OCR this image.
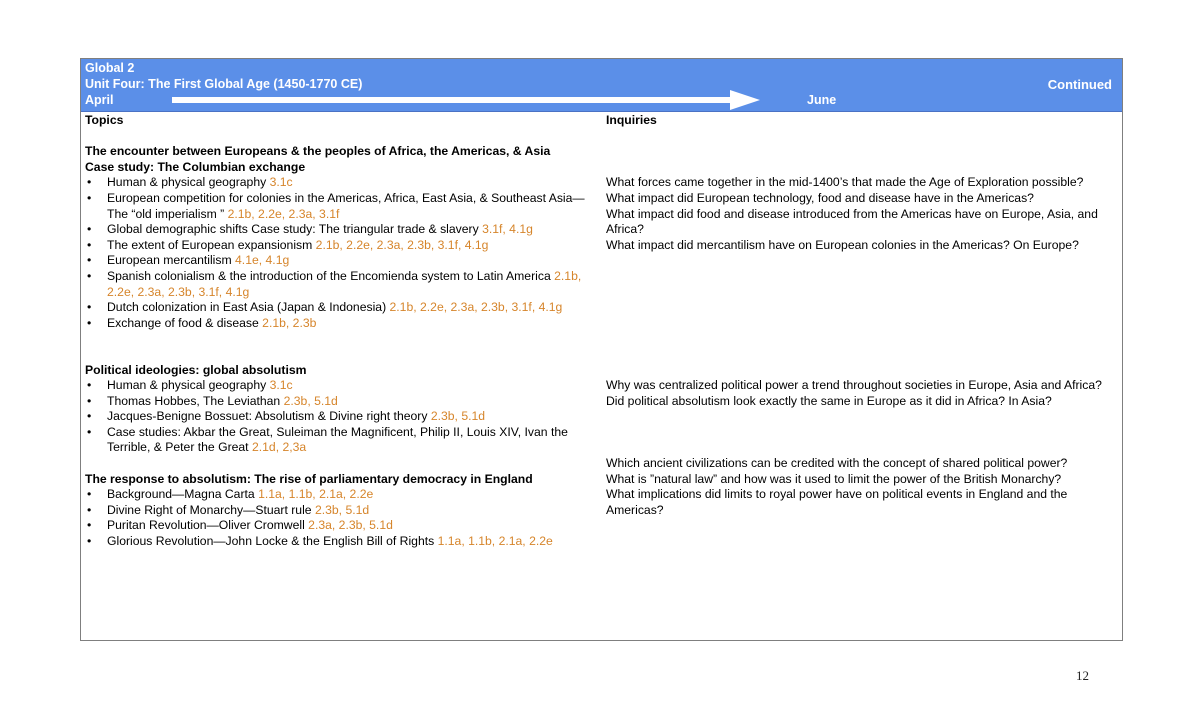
Global 2
Unit Four: The First Global Age (1450-1770 CE)
April	June
Continued
Topics
The encounter between Europeans & the peoples of Africa, the Americas, & Asia
Case study: The Columbian exchange
• Human & physical geography 3.1c
• European competition for colonies in the Americas, Africa, East Asia, & Southeast Asia—The “old imperialism ” 2.1b, 2.2e, 2.3a, 3.1f
• Global demographic shifts Case study: The triangular trade & slavery 3.1f, 4.1g
• The extent of European expansionism 2.1b, 2.2e, 2.3a, 2.3b, 3.1f, 4.1g
• European mercantilism 4.1e, 4.1g
• Spanish colonialism & the introduction of the Encomienda system to Latin America 2.1b, 2.2e, 2.3a, 2.3b, 3.1f, 4.1g
• Dutch colonization in East Asia (Japan & Indonesia) 2.1b, 2.2e, 2.3a, 2.3b, 3.1f, 4.1g
• Exchange of food & disease 2.1b, 2.3b
Political ideologies: global absolutism
• Human & physical geography 3.1c
• Thomas Hobbes, The Leviathan 2.3b, 5.1d
• Jacques-Benigne Bossuet: Absolutism & Divine right theory 2.3b, 5.1d
• Case studies: Akbar the Great, Suleiman the Magnificent, Philip II, Louis XIV, Ivan the Terrible, & Peter the Great 2.1d, 2,3a
The response to absolutism: The rise of parliamentary democracy in England
• Background—Magna Carta 1.1a, 1.1b, 2.1a, 2.2e
• Divine Right of Monarchy—Stuart rule 2.3b, 5.1d
• Puritan Revolution—Oliver Cromwell 2.3a, 2.3b, 5.1d
• Glorious Revolution—John Locke & the English Bill of Rights 1.1a, 1.1b, 2.1a, 2.2e
Inquiries
What forces came together in the mid-1400’s that made the Age of Exploration possible?
What impact did European technology, food and disease have in the Americas?
What impact did food and disease introduced from the Americas have on Europe, Asia, and Africa?
What impact did mercantilism have on European colonies in the Americas? On Europe?
Why was centralized political power a trend throughout societies in Europe, Asia and Africa?
Did political absolutism look exactly the same in Europe as it did in Africa? In Asia?
Which ancient civilizations can be credited with the concept of shared political power?
What is ”natural law” and how was it used to limit the power of the British Monarchy?
What implications did limits to royal power have on political events in England and the Americas?
12
